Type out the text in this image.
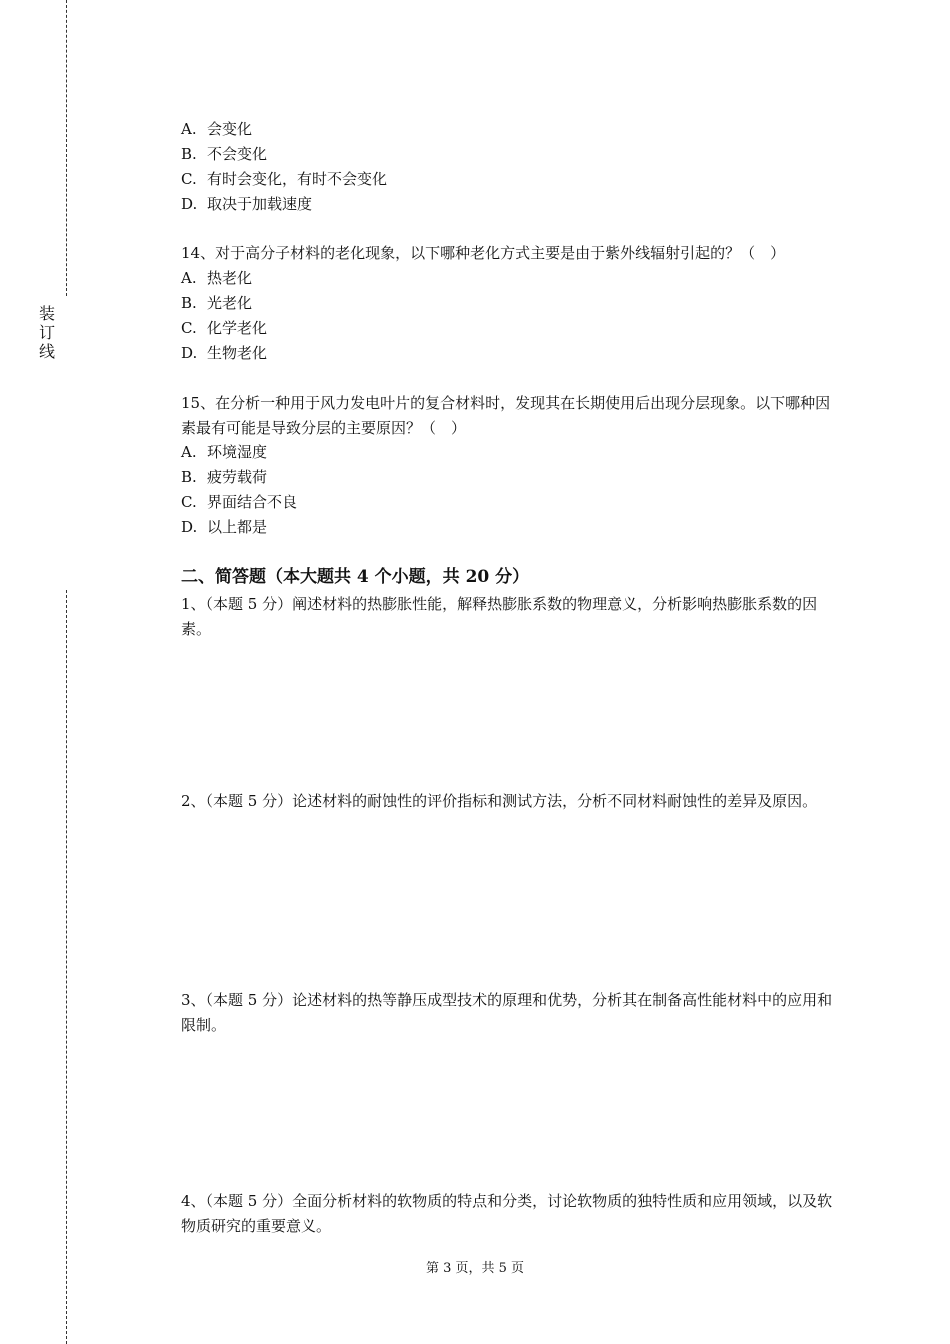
装
订
线
A. 会变化
B. 不会变化
C. 有时会变化，有时不会变化
D. 取决于加载速度
14、对于高分子材料的老化现象，以下哪种老化方式主要是由于紫外线辐射引起的？（　）
A. 热老化
B. 光老化
C. 化学老化
D. 生物老化
15、在分析一种用于风力发电叶片的复合材料时，发现其在长期使用后出现分层现象。以下哪种因素最有可能是导致分层的主要原因？（　）
A. 环境湿度
B. 疲劳载荷
C. 界面结合不良
D. 以上都是
二、简答题（本大题共 4 个小题，共 20 分）
1、（本题 5 分）阐述材料的热膨胀性能，解释热膨胀系数的物理意义，分析影响热膨胀系数的因素。
2、（本题 5 分）论述材料的耐蚀性的评价指标和测试方法，分析不同材料耐蚀性的差异及原因。
3、（本题 5 分）论述材料的热等静压成型技术的原理和优势，分析其在制备高性能材料中的应用和限制。
4、（本题 5 分）全面分析材料的软物质的特点和分类，讨论软物质的独特性质和应用领域，以及软物质研究的重要意义。
第 3 页，共 5 页
